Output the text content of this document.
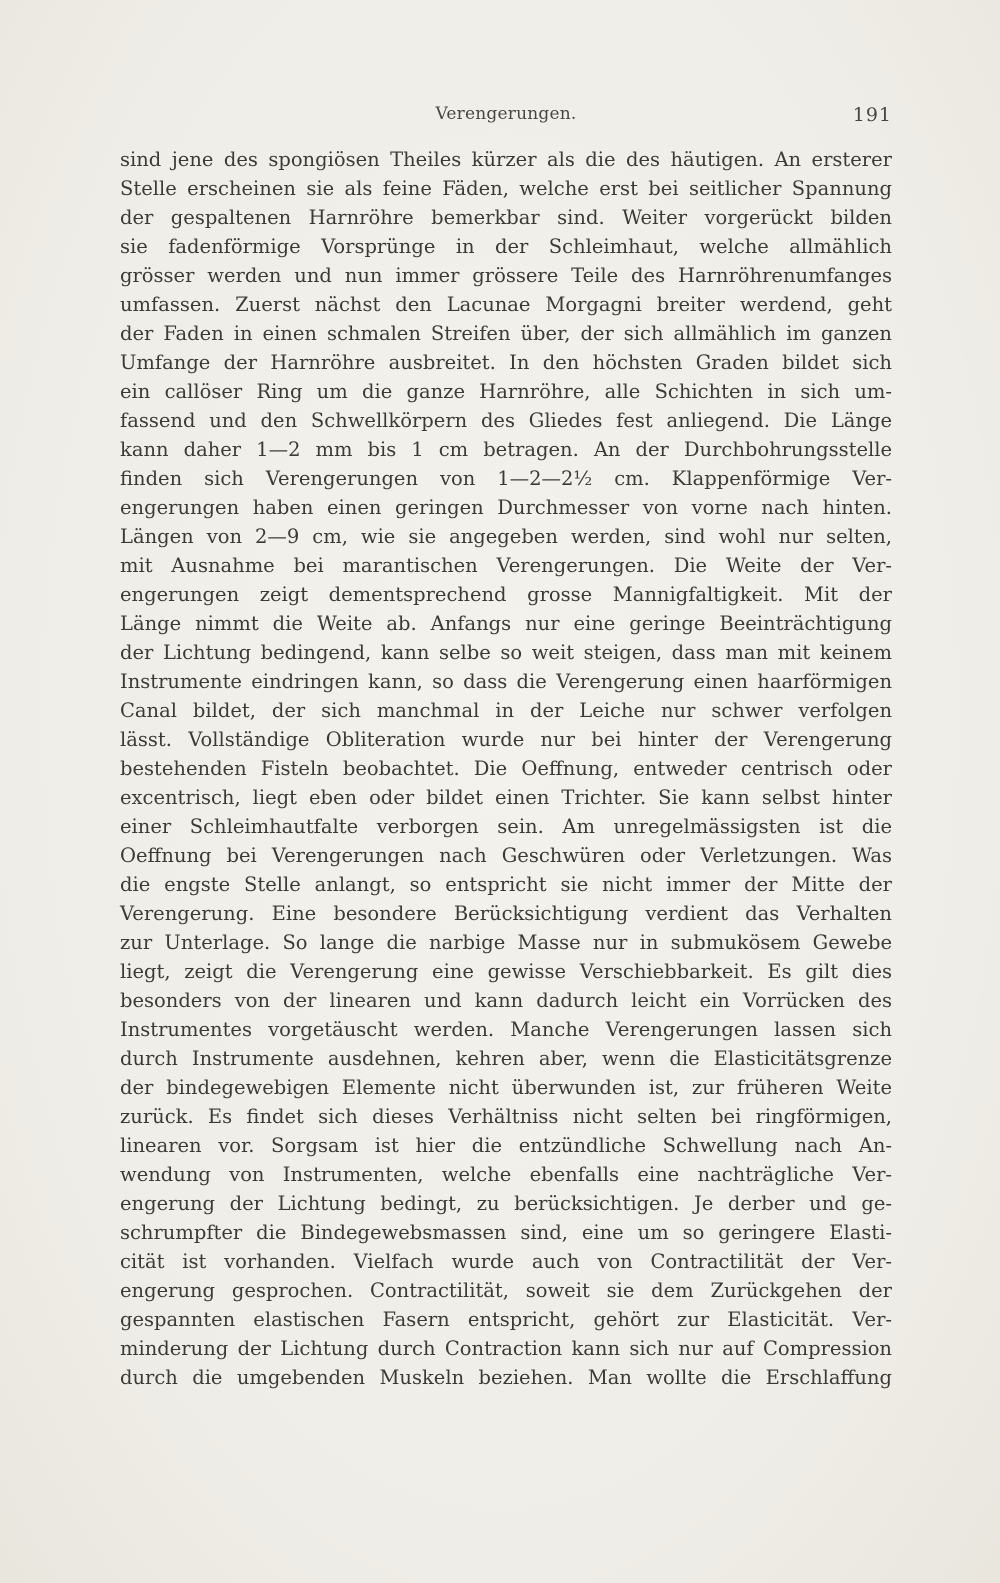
Verengerungen.	191
sind jene des spongiösen Theiles kürzer als die des häutigen. An ersterer
Stelle erscheinen sie als feine Fäden, welche erst bei seitlicher Spannung
der gespaltenen Harnröhre bemerkbar sind. Weiter vorgerückt bilden
sie fadenförmige Vorsprünge in der Schleimhaut, welche allmählich
grösser werden und nun immer grössere Teile des Harnröhrenumfanges
umfassen. Zuerst nächst den Lacunae Morgagni breiter werdend, geht
der Faden in einen schmalen Streifen über, der sich allmählich im ganzen
Umfange der Harnröhre ausbreitet. In den höchsten Graden bildet sich
ein callöser Ring um die ganze Harnröhre, alle Schichten in sich um-
fassend und den Schwellkörpern des Gliedes fest anliegend. Die Länge
kann daher 1—2 mm bis 1 cm betragen. An der Durchbohrungsstelle
finden sich Verengerungen von 1—2—2½ cm. Klappenförmige Ver-
engerungen haben einen geringen Durchmesser von vorne nach hinten.
Längen von 2—9 cm, wie sie angegeben werden, sind wohl nur selten,
mit Ausnahme bei marantischen Verengerungen. Die Weite der Ver-
engerungen zeigt dementsprechend grosse Mannigfaltigkeit. Mit der
Länge nimmt die Weite ab. Anfangs nur eine geringe Beeinträchtigung
der Lichtung bedingend, kann selbe so weit steigen, dass man mit keinem
Instrumente eindringen kann, so dass die Verengerung einen haarförmigen
Canal bildet, der sich manchmal in der Leiche nur schwer verfolgen
lässt. Vollständige Obliteration wurde nur bei hinter der Verengerung
bestehenden Fisteln beobachtet. Die Oeffnung, entweder centrisch oder
excentrisch, liegt eben oder bildet einen Trichter. Sie kann selbst hinter
einer Schleimhautfalte verborgen sein. Am unregelmässigsten ist die
Oeffnung bei Verengerungen nach Geschwüren oder Verletzungen. Was
die engste Stelle anlangt, so entspricht sie nicht immer der Mitte der
Verengerung. Eine besondere Berücksichtigung verdient das Verhalten
zur Unterlage. So lange die narbige Masse nur in submukösem Gewebe
liegt, zeigt die Verengerung eine gewisse Verschiebbarkeit. Es gilt dies
besonders von der linearen und kann dadurch leicht ein Vorrücken des
Instrumentes vorgetäuscht werden. Manche Verengerungen lassen sich
durch Instrumente ausdehnen, kehren aber, wenn die Elasticitätsgrenze
der bindegewebigen Elemente nicht überwunden ist, zur früheren Weite
zurück. Es findet sich dieses Verhältniss nicht selten bei ringförmigen,
linearen vor. Sorgsam ist hier die entzündliche Schwellung nach An-
wendung von Instrumenten, welche ebenfalls eine nachträgliche Ver-
engerung der Lichtung bedingt, zu berücksichtigen. Je derber und ge-
schrumpfter die Bindegewebsmassen sind, eine um so geringere Elasti-
cität ist vorhanden. Vielfach wurde auch von Contractilität der Ver-
engerung gesprochen. Contractilität, soweit sie dem Zurückgehen der
gespannten elastischen Fasern entspricht, gehört zur Elasticität. Ver-
minderung der Lichtung durch Contraction kann sich nur auf Compression
durch die umgebenden Muskeln beziehen. Man wollte die Erschlaffung
